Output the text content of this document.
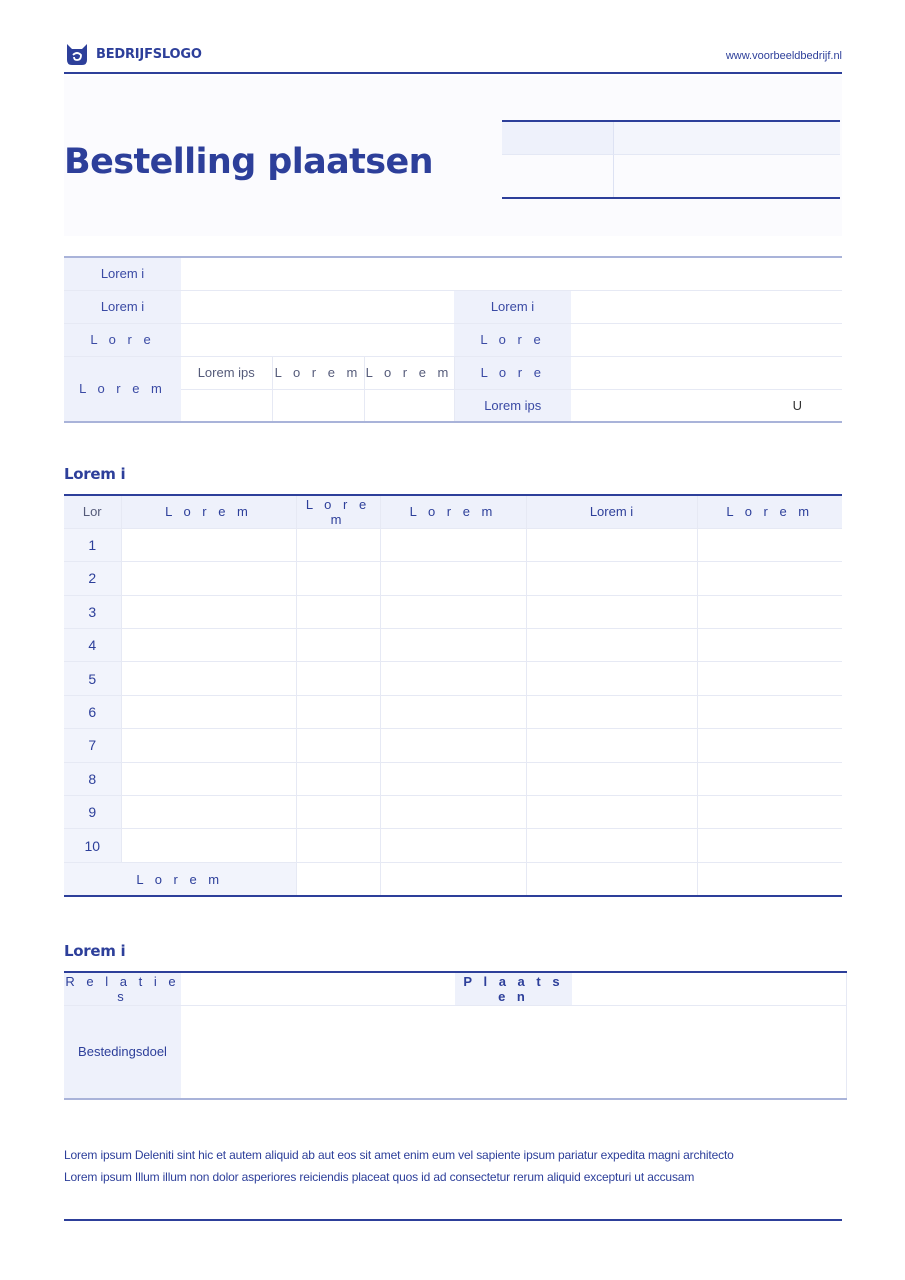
BEDRIJFSLOGO	www.voorbeeldbedrijf.nl
Bestelling plaatsen
Lorem i					
Lorem i				Lorem i	
L o r e				L o r e	
L o r e m	Lorem ips	L o r e m	L o r e m	L o r e	
				Lorem ips	U
Lorem i
Lor	L o r e m	L o r e m	L o r e m	Lorem i	L o r e m
1					
2					
3					
4					
5					
6					
7					
8					
9					
10					
L o r e m					
Lorem i
R e l a t i e s		P l a a t s e n	
Bestedingsdoel			
Lorem ipsum Deleniti sint hic et autem aliquid ab aut eos sit amet enim eum vel sapiente ipsum pariatur expedita magni architecto
Lorem ipsum Illum illum non dolor asperiores reiciendis placeat quos id ad consectetur rerum aliquid excepturi ut accusam
